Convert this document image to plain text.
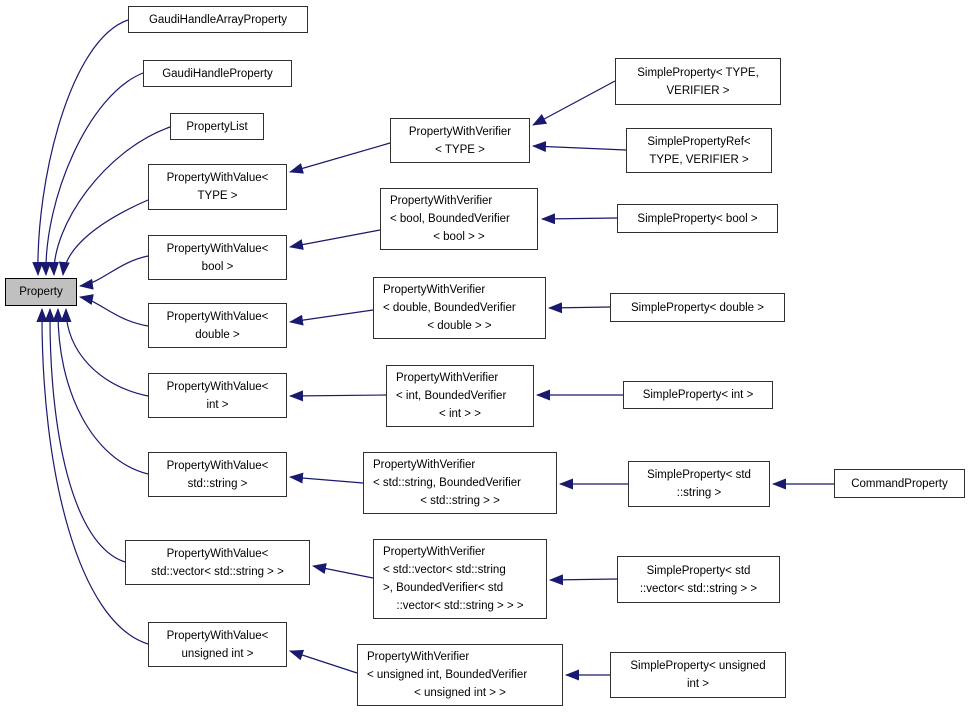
Property
GaudiHandleArrayProperty
GaudiHandleProperty
PropertyList
PropertyWithValue<
TYPE >
PropertyWithValue<
bool >
PropertyWithValue<
double >
PropertyWithValue<
int >
PropertyWithValue<
std::string >
PropertyWithValue<
std::vector< std::string > >
PropertyWithValue<
unsigned int >
PropertyWithVerifier
< TYPE >
PropertyWithVerifier
< bool, BoundedVerifier
< bool > >
PropertyWithVerifier
< double, BoundedVerifier
< double > >
PropertyWithVerifier
< int, BoundedVerifier
< int > >
PropertyWithVerifier
< std::string, BoundedVerifier
< std::string > >
PropertyWithVerifier
< std::vector< std::string
>, BoundedVerifier< std
::vector< std::string > > >
PropertyWithVerifier
< unsigned int, BoundedVerifier
< unsigned int > >
SimpleProperty< TYPE,
VERIFIER >
SimplePropertyRef<
TYPE, VERIFIER >
SimpleProperty< bool >
SimpleProperty< double >
SimpleProperty< int >
SimpleProperty< std
::string >
SimpleProperty< std
::vector< std::string > >
SimpleProperty< unsigned
int >
CommandProperty
